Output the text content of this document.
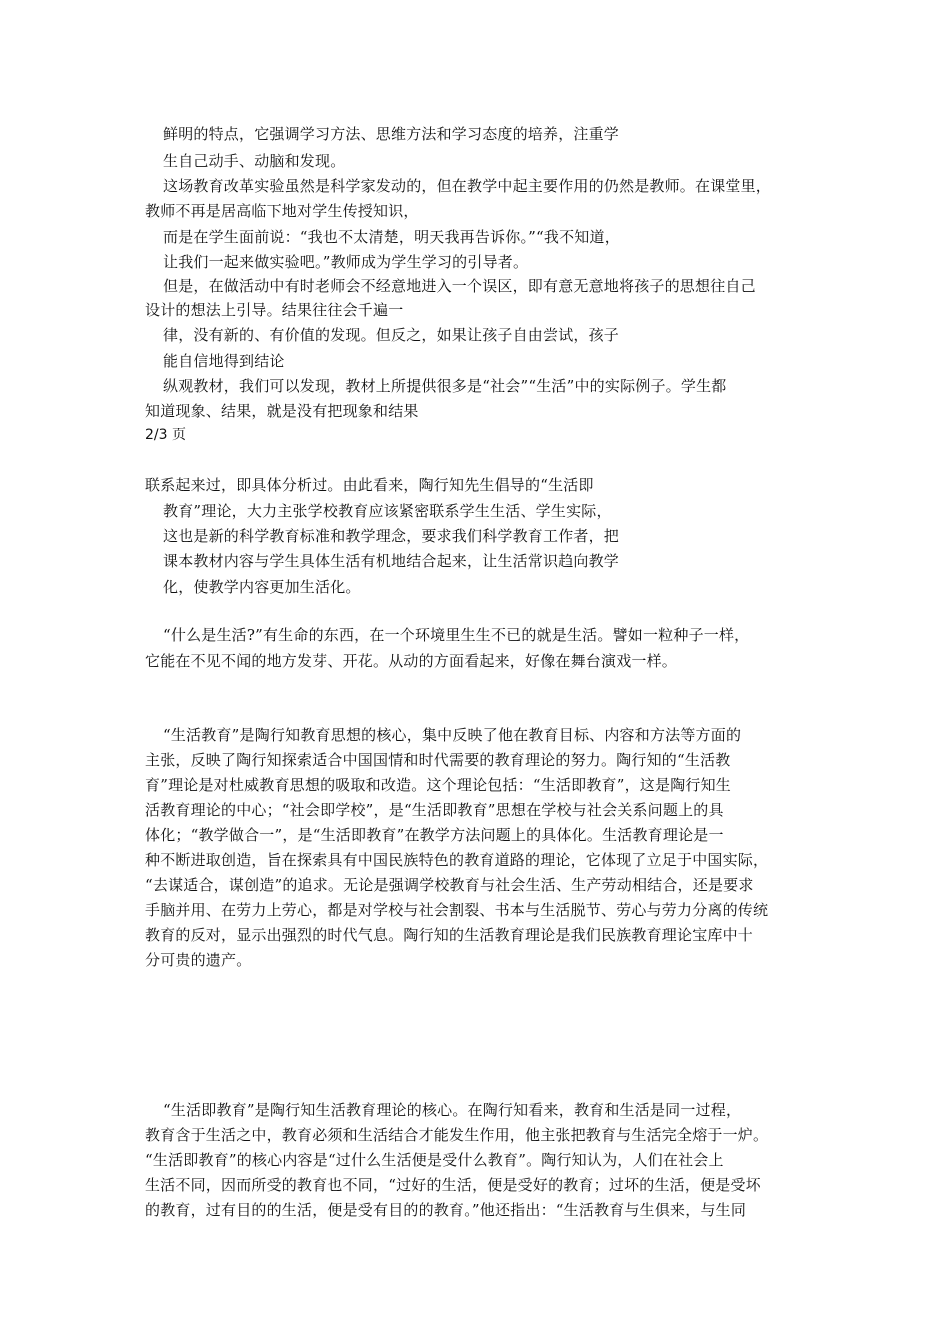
鲜明的特点，它强调学习方法、思维方法和学习态度的培养，注重学
生自己动手、动脑和发现。
这场教育改革实验虽然是科学家发动的，但在教学中起主要作用的仍然是教师。在课堂里，
教师不再是居高临下地对学生传授知识，
而是在学生面前说：“我也不太清楚，明天我再告诉你。”“我不知道，
让我们一起来做实验吧。”教师成为学生学习的引导者。
但是，在做活动中有时老师会不经意地进入一个误区，即有意无意地将孩子的思想往自己
设计的想法上引导。结果往往会千遍一
律，没有新的、有价值的发现。但反之，如果让孩子自由尝试，孩子
能自信地得到结论
纵观教材，我们可以发现，教材上所提供很多是“社会”“生活”中的实际例子。学生都
知道现象、结果，就是没有把现象和结果
2/3 页
联系起来过，即具体分析过。由此看来，陶行知先生倡导的“生活即
教育”理论，大力主张学校教育应该紧密联系学生生活、学生实际，
这也是新的科学教育标准和教学理念，要求我们科学教育工作者，把
课本教材内容与学生具体生活有机地结合起来，让生活常识趋向教学
化，使教学内容更加生活化。
“什么是生活?”有生命的东西，在一个环境里生生不已的就是生活。譬如一粒种子一样，
它能在不见不闻的地方发芽、开花。从动的方面看起来，好像在舞台演戏一样。
“生活教育”是陶行知教育思想的核心，集中反映了他在教育目标、内容和方法等方面的
主张，反映了陶行知探索适合中国国情和时代需要的教育理论的努力。陶行知的“生活教
育”理论是对杜威教育思想的吸取和改造。这个理论包括：“生活即教育”，这是陶行知生
活教育理论的中心；“社会即学校”，是“生活即教育”思想在学校与社会关系问题上的具
体化；“教学做合一”，是“生活即教育”在教学方法问题上的具体化。生活教育理论是一
种不断进取创造，旨在探索具有中国民族特色的教育道路的理论，它体现了立足于中国实际，
“去谋适合，谋创造”的追求。无论是强调学校教育与社会生活、生产劳动相结合，还是要求
手脑并用、在劳力上劳心，都是对学校与社会割裂、书本与生活脱节、劳心与劳力分离的传统
教育的反对，显示出强烈的时代气息。陶行知的生活教育理论是我们民族教育理论宝库中十
分可贵的遗产。
“生活即教育”是陶行知生活教育理论的核心。在陶行知看来，教育和生活是同一过程，
教育含于生活之中，教育必须和生活结合才能发生作用，他主张把教育与生活完全熔于一炉。
“生活即教育”的核心内容是“过什么生活便是受什么教育”。陶行知认为，人们在社会上
生活不同，因而所受的教育也不同，“过好的生活，便是受好的教育；过坏的生活，便是受坏
的教育，过有目的的生活，便是受有目的的教育。”他还指出：“生活教育与生俱来，与生同
